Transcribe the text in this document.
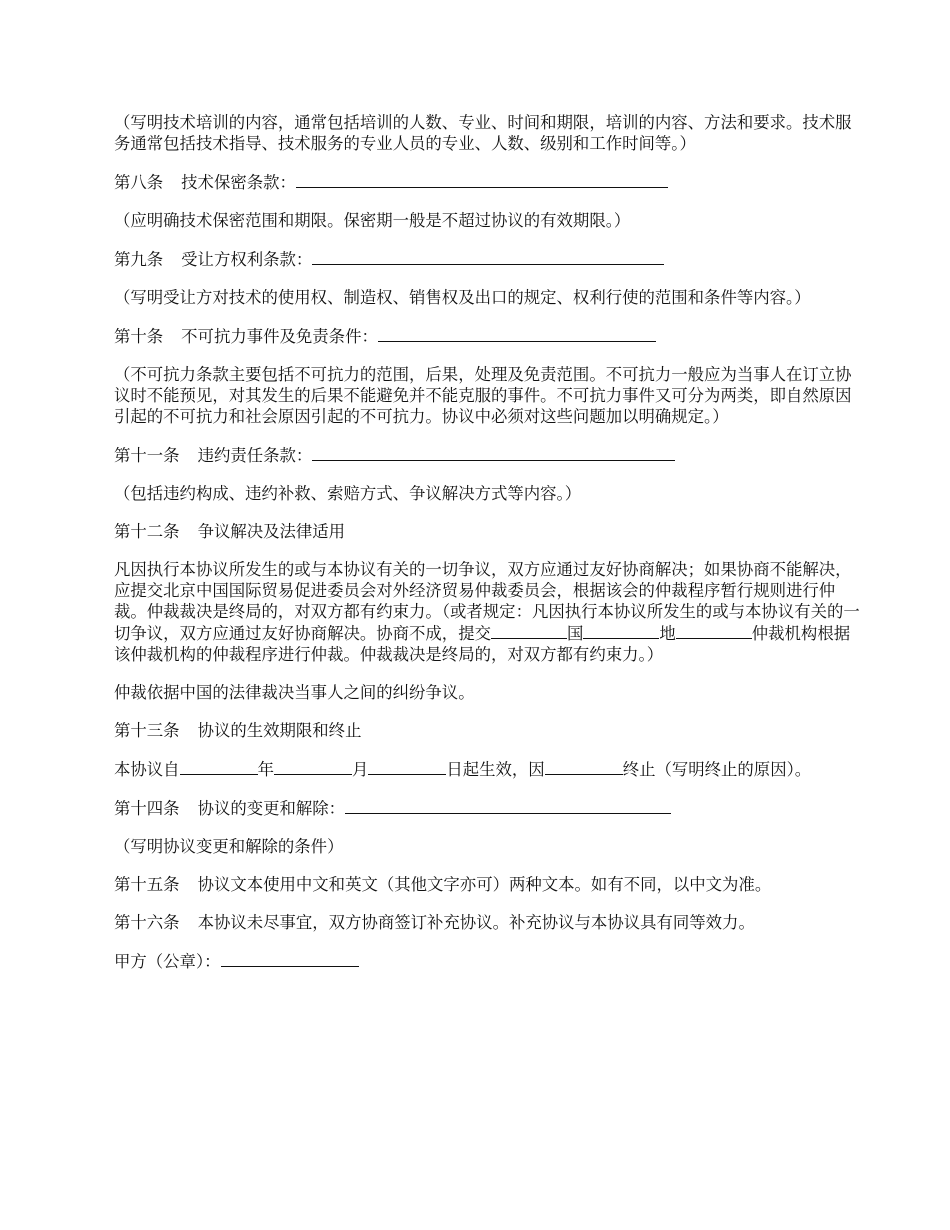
（写明技术培训的内容，通常包括培训的人数、专业、时间和期限，培训的内容、方法和要求。技术服务通常包括技术指导、技术服务的专业人员的专业、人数、级别和工作时间等。）

第八条 技术保密条款：

（应明确技术保密范围和期限。保密期一般是不超过协议的有效期限。）

第九条 受让方权利条款：

（写明受让方对技术的使用权、制造权、销售权及出口的规定、权利行使的范围和条件等内容。）

第十条 不可抗力事件及免责条件：

（不可抗力条款主要包括不可抗力的范围，后果，处理及免责范围。不可抗力一般应为当事人在订立协议时不能预见，对其发生的后果不能避免并不能克服的事件。不可抗力事件又可分为两类，即自然原因引起的不可抗力和社会原因引起的不可抗力。协议中必须对这些问题加以明确规定。）

第十一条 违约责任条款：

（包括违约构成、违约补救、索赔方式、争议解决方式等内容。）

第十二条 争议解决及法律适用

凡因执行本协议所发生的或与本协议有关的一切争议，双方应通过友好协商解决；如果协商不能解决，应提交北京中国国际贸易促进委员会对外经济贸易仲裁委员会，根据该会的仲裁程序暂行规则进行仲裁。仲裁裁决是终局的，对双方都有约束力。（或者规定：凡因执行本协议所发生的或与本协议有关的一切争议，双方应通过友好协商解决。协商不成，提交	国	地	仲裁机构根据该仲裁机构的仲裁程序进行仲裁。仲裁裁决是终局的，对双方都有约束力。）

仲裁依据中国的法律裁决当事人之间的纠纷争议。

第十三条 协议的生效期限和终止

本协议自	年	月	日起生效，因	终止（写明终止的原因）。

第十四条 协议的变更和解除：

（写明协议变更和解除的条件）

第十五条 协议文本使用中文和英文（其他文字亦可）两种文本。如有不同，以中文为准。

第十六条 本协议未尽事宜，双方协商签订补充协议。补充协议与本协议具有同等效力。

甲方（公章）：
